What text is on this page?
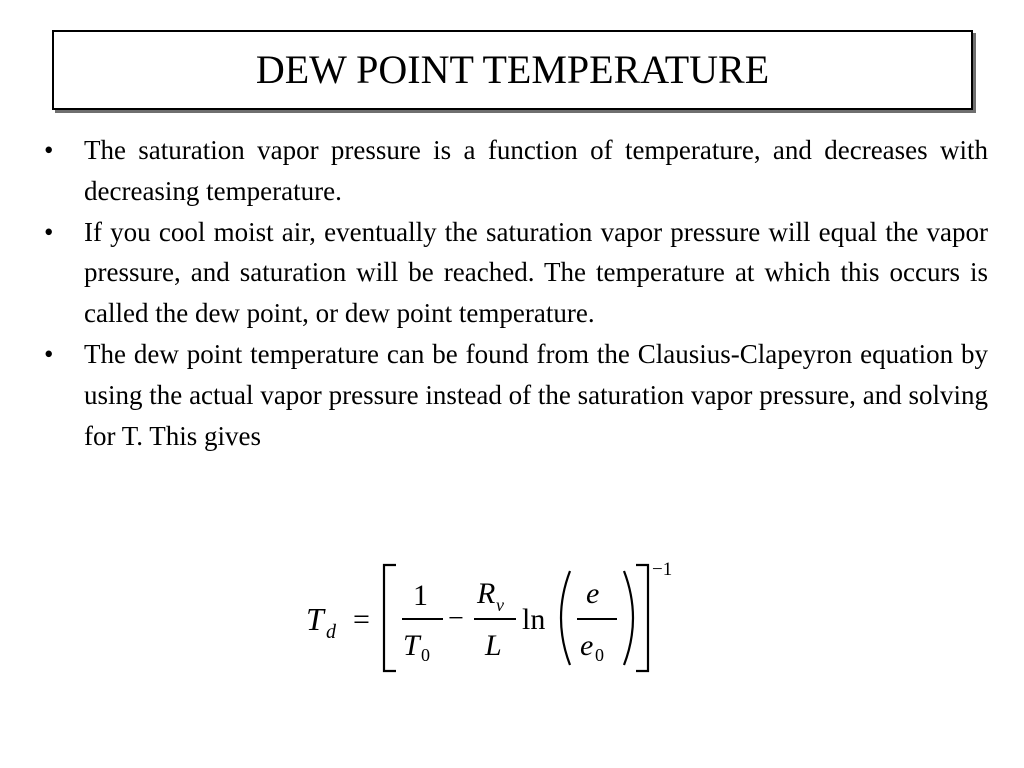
DEW POINT TEMPERATURE
•	The saturation vapor pressure is a function of temperature, and decreases with decreasing temperature.
•	If you cool moist air, eventually the saturation vapor pressure will equal the vapor pressure, and saturation will be reached. The temperature at which this occurs is called the dew point, or dew point temperature.
•	The dew point temperature can be found from the Clausius-Clapeyron equation by using the actual vapor pressure instead of the saturation vapor pressure, and solving for T. This gives
T d =
1
T 0
−
R v
L
ln
e
e 0
−1
